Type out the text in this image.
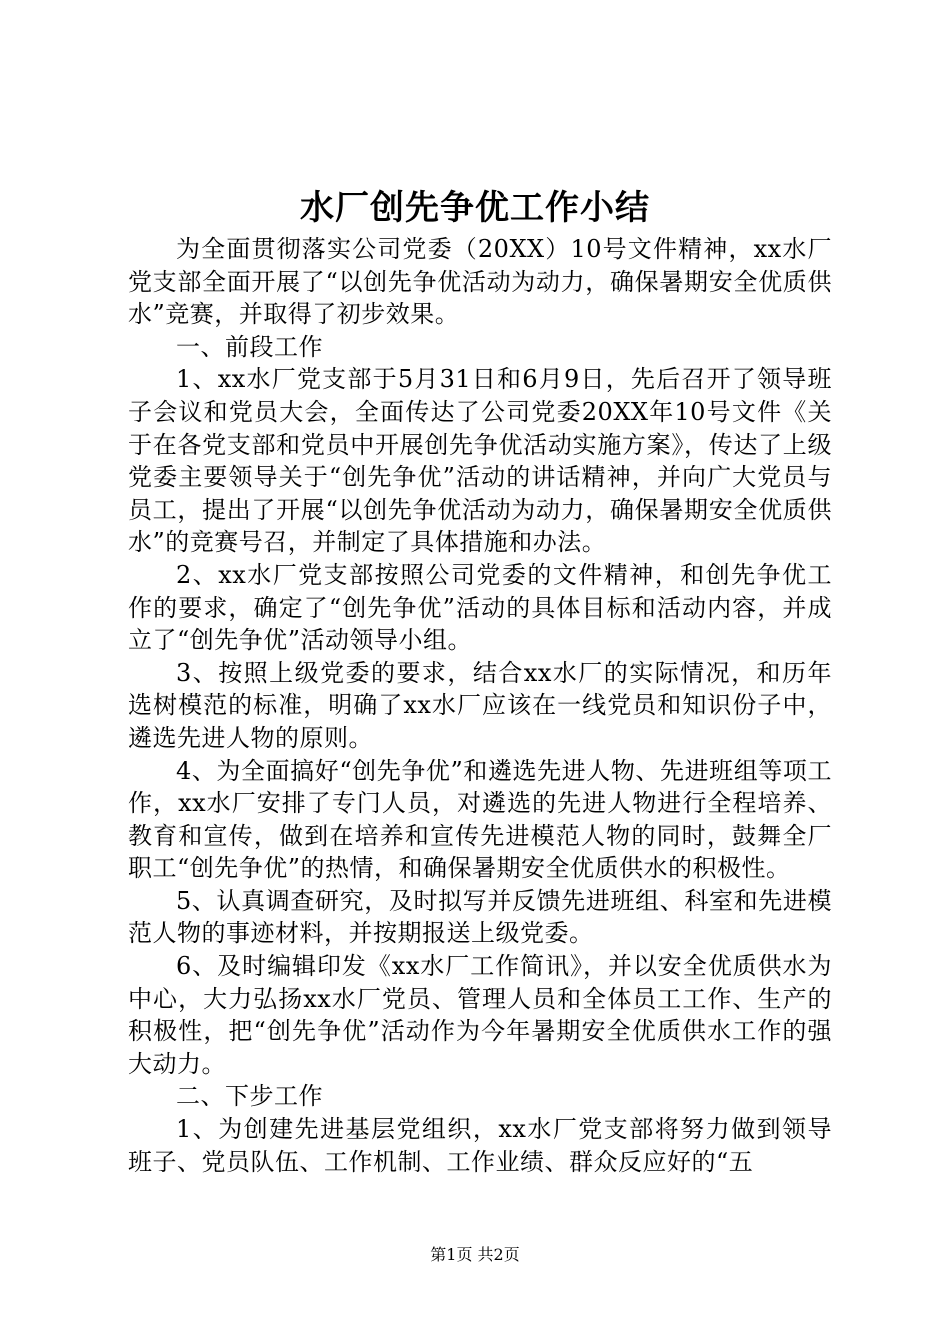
水厂创先争优工作小结

为全面贯彻落实公司党委（20XX）10号文件精神，xx水厂党支部全面开展了“以创先争优活动为动力，确保暑期安全优质供水”竞赛，并取得了初步效果。

一、前段工作

1、xx水厂党支部于5月31日和6月9日，先后召开了领导班子会议和党员大会，全面传达了公司党委20XX年10号文件《关于在各党支部和党员中开展创先争优活动实施方案》，传达了上级党委主要领导关于“创先争优”活动的讲话精神，并向广大党员与员工，提出了开展“以创先争优活动为动力，确保暑期安全优质供水”的竞赛号召，并制定了具体措施和办法。

2、xx水厂党支部按照公司党委的文件精神，和创先争优工作的要求，确定了“创先争优”活动的具体目标和活动内容，并成立了“创先争优”活动领导小组。

3、按照上级党委的要求，结合xx水厂的实际情况，和历年选树模范的标准，明确了xx水厂应该在一线党员和知识份子中，遴选先进人物的原则。

4、为全面搞好“创先争优”和遴选先进人物、先进班组等项工作，xx水厂安排了专门人员，对遴选的先进人物进行全程培养、教育和宣传，做到在培养和宣传先进模范人物的同时，鼓舞全厂职工“创先争优”的热情，和确保暑期安全优质供水的积极性。

5、认真调查研究，及时拟写并反馈先进班组、科室和先进模范人物的事迹材料，并按期报送上级党委。

6、及时编辑印发《xx水厂工作简讯》，并以安全优质供水为中心，大力弘扬xx水厂党员、管理人员和全体员工工作、生产的积极性，把“创先争优”活动作为今年暑期安全优质供水工作的强大动力。

二、下步工作

1、为创建先进基层党组织，xx水厂党支部将努力做到领导班子、党员队伍、工作机制、工作业绩、群众反应好的“五

第1页 共2页
